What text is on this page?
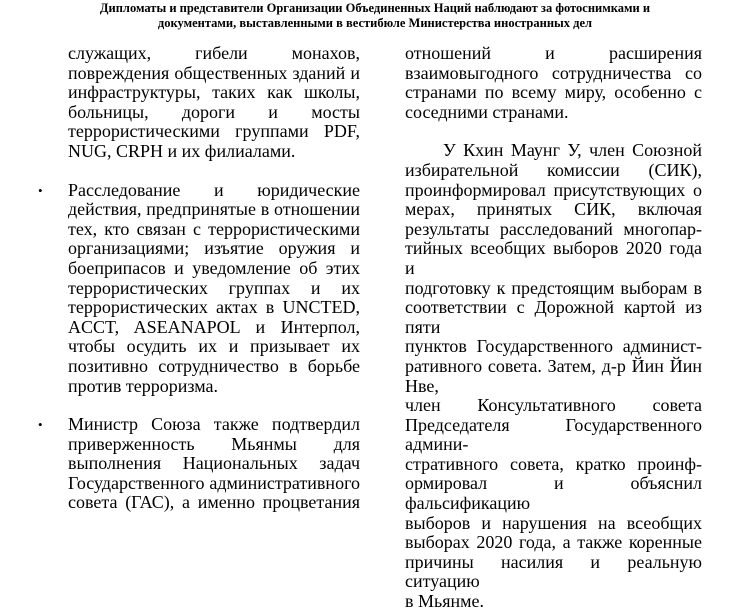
Дипломаты и представители Организации Объединенных Наций наблюдают за фотоснимками и
документами, выставленными в вестибюле Министерства иностранных дел
служащих, гибели монахов,
повреждения общественных зданий и
инфраструктуры, таких как школы,
больницы, дороги и мосты
террористическими группами PDF,
NUG, CRPH и их филиалами.
• Расследование и юридические
действия, предпринятые в отношении
тех, кто связан с террористическими
организациями; изъятие оружия и
боеприпасов и уведомление об этих
террористических группах и их
террористических актах в UNCTED,
ACCT, ASEANAPOL и Интерпол,
чтобы осудить их и призывает их
позитивно сотрудничество в борьбе
против терроризма.
• Министр Союза также подтвердил
приверженность Мьянмы для
выполнения Национальных задач
Государственного административного
совета (ГАС), а именно процветания
отношений и расширения
взаимовыгодного сотрудничества со
странами по всему миру, особенно с
соседними странами.
У Кхин Маунг У, член Союзной
избирательной комиссии (СИК),
проинформировал присутствующих о
мерах, принятых СИК, включая
результаты расследований многопар-
тийных всеобщих выборов 2020 года и
подготовку к предстоящим выборам в
соответствии с Дорожной картой из пяти
пунктов Государственного админист-
ративного совета. Затем, д-р Йин Йин Нве,
член Консультативного совета
Председателя Государственного админи-
стративного совета, кратко проинф-
ормировал и объяснил фальсификацию
выборов и нарушения на всеобщих
выборах 2020 года, а также коренные
причины насилия и реальную ситуацию
в Мьянме.
